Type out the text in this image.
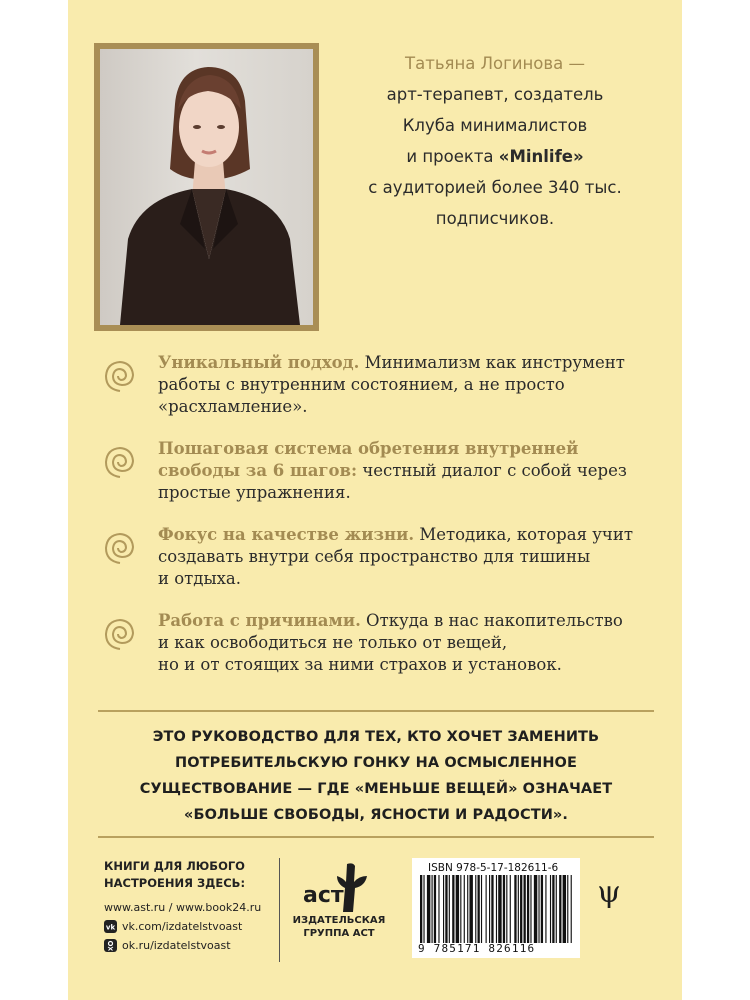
Татьяна Логинова —
арт-терапевт, создатель
Клуба минималистов
и проекта «Minlife»
с аудиторией более 340 тыс.
подписчиков.

Уникальный подход. Минимализм как инструмент
работы с внутренним состоянием, а не просто
«расхламление».

Пошаговая система обретения внутренней
свободы за 6 шагов: честный диалог с собой через
простые упражнения.

Фокус на качестве жизни. Методика, которая учит
создавать внутри себя пространство для тишины
и отдыха.

Работа с причинами. Откуда в нас накопительство
и как освободиться не только от вещей,
но и от стоящих за ними страхов и установок.

ЭТО РУКОВОДСТВО ДЛЯ ТЕХ, КТО ХОЧЕТ ЗАМЕНИТЬ
ПОТРЕБИТЕЛЬСКУЮ ГОНКУ НА ОСМЫСЛЕННОЕ
СУЩЕСТВОВАНИЕ — ГДЕ «МЕНЬШЕ ВЕЩЕЙ» ОЗНАЧАЕТ
«БОЛЬШЕ СВОБОДЫ, ЯСНОСТИ И РАДОСТИ».
КНИГИ ДЛЯ ЛЮБОГО
НАСТРОЕНИЯ ЗДЕСЬ:
www.ast.ru / www.book24.ru
vk vk.com/izdatelstvoast
ok.ru/izdatelstvoast
аст
ИЗДАТЕЛЬСКАЯ
ГРУППА АСТ
ISBN 978-5-17-182611-6
9 785171 826116
ψ
